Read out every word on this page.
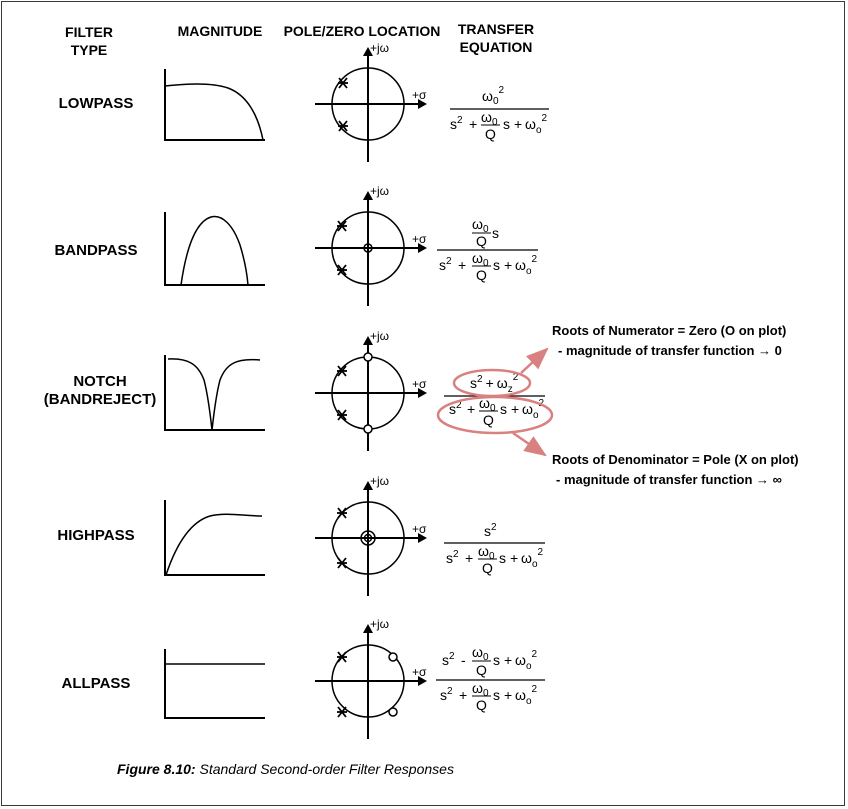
FILTER
TYPE
MAGNITUDE	POLE/ZERO LOCATION	TRANSFER
EQUATION
LOWPASS
BANDPASS
NOTCH
(BANDREJECT)
HIGHPASS
ALLPASS
+jω
+σ
+jω
+σ
+jω
+σ
+jω
+σ
+jω
+σ
$\omega_0^2$
$s^2 + \omega_0$
Q
$s + \omega_o^2$
$\omega_0$
Q s
$s^2 + \omega_0$
Q
$s + \omega_o^2$
$s^2 + \omega_z^2$
$s^2 + \omega_0$
Q
$s + \omega_o^2$
$s^2$
$s^2 + \omega_0$
Q
$s + \omega_o^2$
$s^2 - \omega_0$
Q
$s + \omega_o^2$
$s^2 + \omega_0$
Q
$s + \omega_o^2$
Roots of Numerator = Zero (O on plot)
- magnitude of transfer function → 0
Roots of Denominator = Pole (X on plot)
- magnitude of transfer function → ∞
Figure 8.10: Standard Second-order Filter Responses
